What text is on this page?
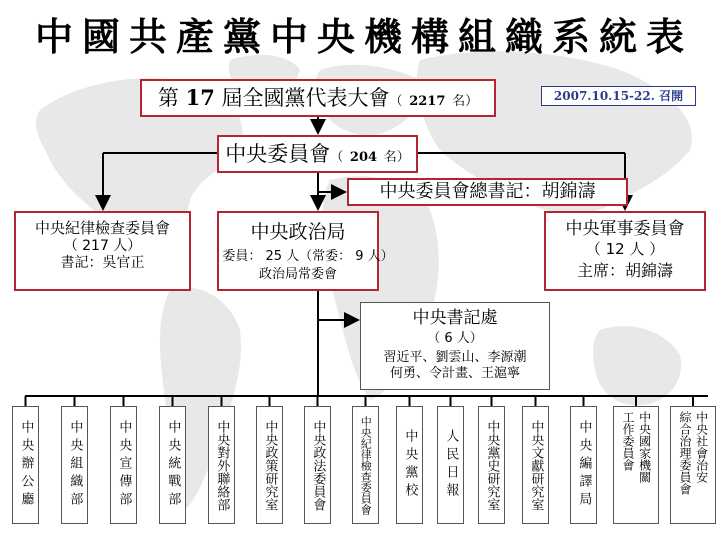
中國共產黨中央機構組織系統表
第 17 屆全國黨代表大會（ 2217 名）	2007.10.15-22. 召開
中央委員會（ 204 名）
中央委員會總書記：胡錦濤
中央紀律檢查委員會
（ 217 人）
書記：吳官正
中央政治局
委員： 25 人（常委： 9 人）
政治局常委會
中央軍事委員會
（ 12 人 ）
主席：胡錦濤
中央書記處
（ 6 人）
習近平、劉雲山、李源潮
何勇、令計畫、王滬寧
中央辦公廳	中央組織部	中央宣傳部	中央統戰部	中央對外聯絡部	中央政策研究室	中央政法委員會	中央紀律檢查委員會 中央黨校 人民日報 中央黨史研究室 中央文獻研究室	中央編譯局 工作委員會 中央國家機關 綜合治理委員會 中央社會治安
